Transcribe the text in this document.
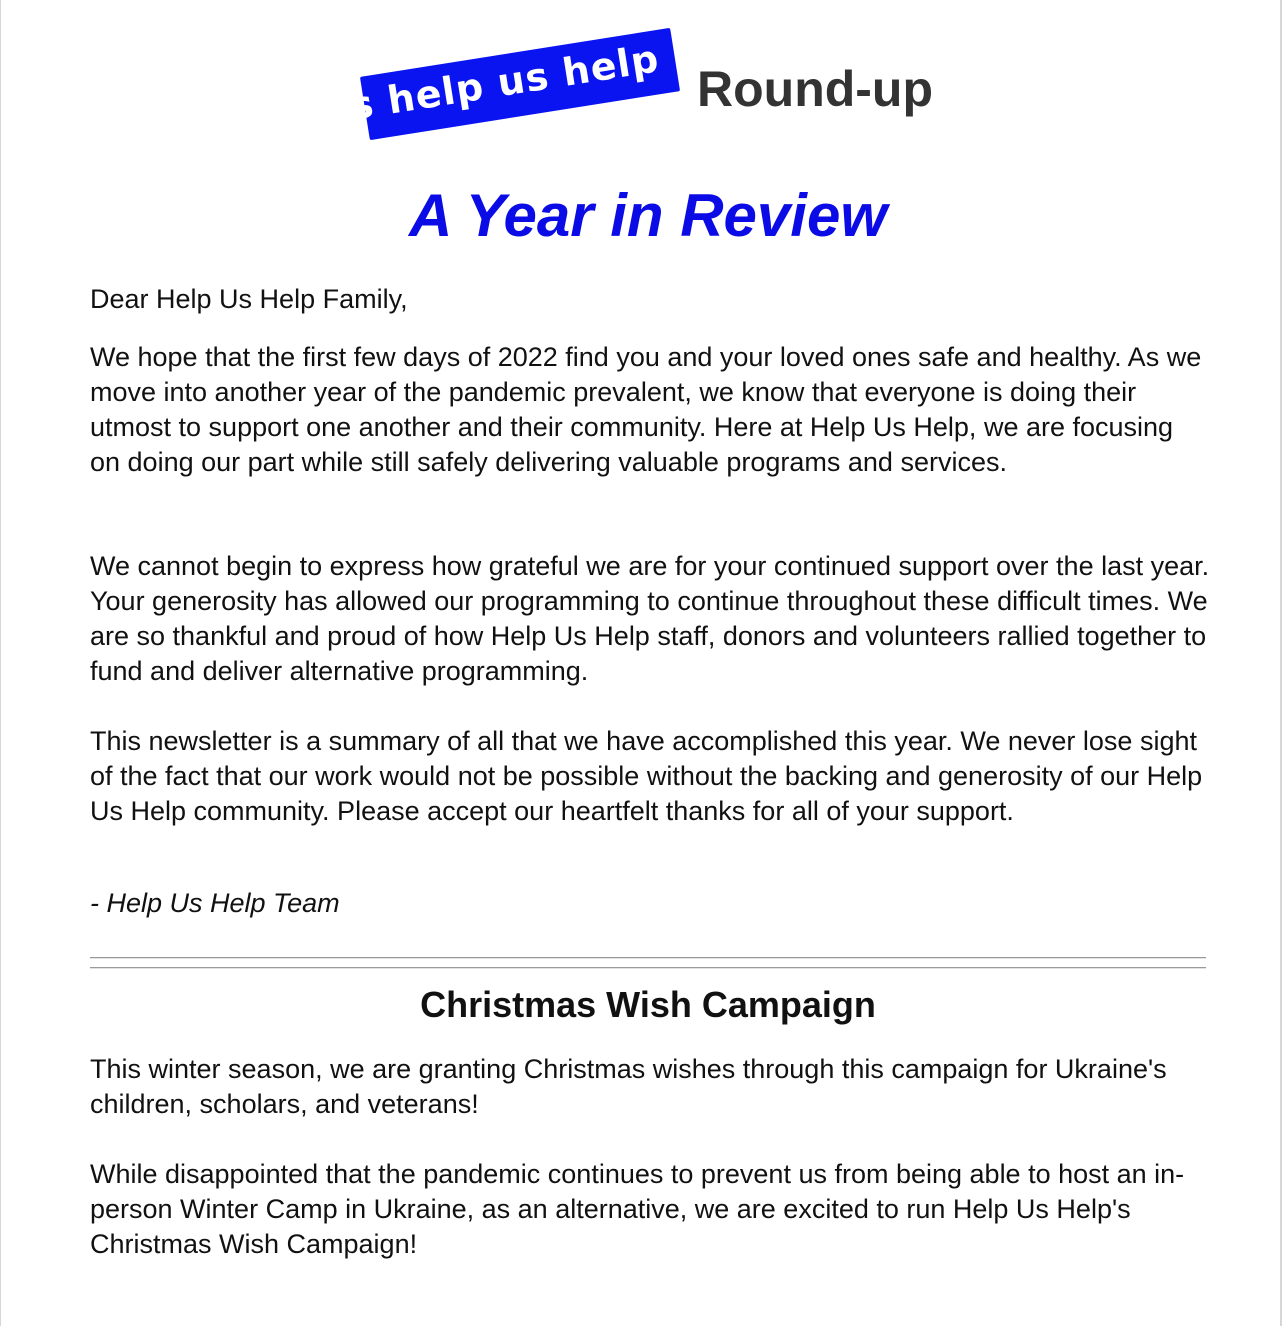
s help us help u
Round-up
A Year in Review

Dear Help Us Help Family,

We hope that the first few days of 2022 find you and your loved ones safe and healthy. As we move into another year of the pandemic prevalent, we know that everyone is doing their utmost to support one another and their community. Here at Help Us Help, we are focusing on doing our part while still safely delivering valuable programs and services.

We cannot begin to express how grateful we are for your continued support over the last year. Your generosity has allowed our programming to continue throughout these difficult times. We are so thankful and proud of how Help Us Help staff, donors and volunteers rallied together to fund and deliver alternative programming.

This newsletter is a summary of all that we have accomplished this year. We never lose sight of the fact that our work would not be possible without the backing and generosity of our Help Us Help community. Please accept our heartfelt thanks for all of your support.

- Help Us Help Team

Christmas Wish Campaign

This winter season, we are granting Christmas wishes through this campaign for Ukraine's children, scholars, and veterans!

While disappointed that the pandemic continues to prevent us from being able to host an in-person Winter Camp in Ukraine, as an alternative, we are excited to run Help Us Help's Christmas Wish Campaign!
